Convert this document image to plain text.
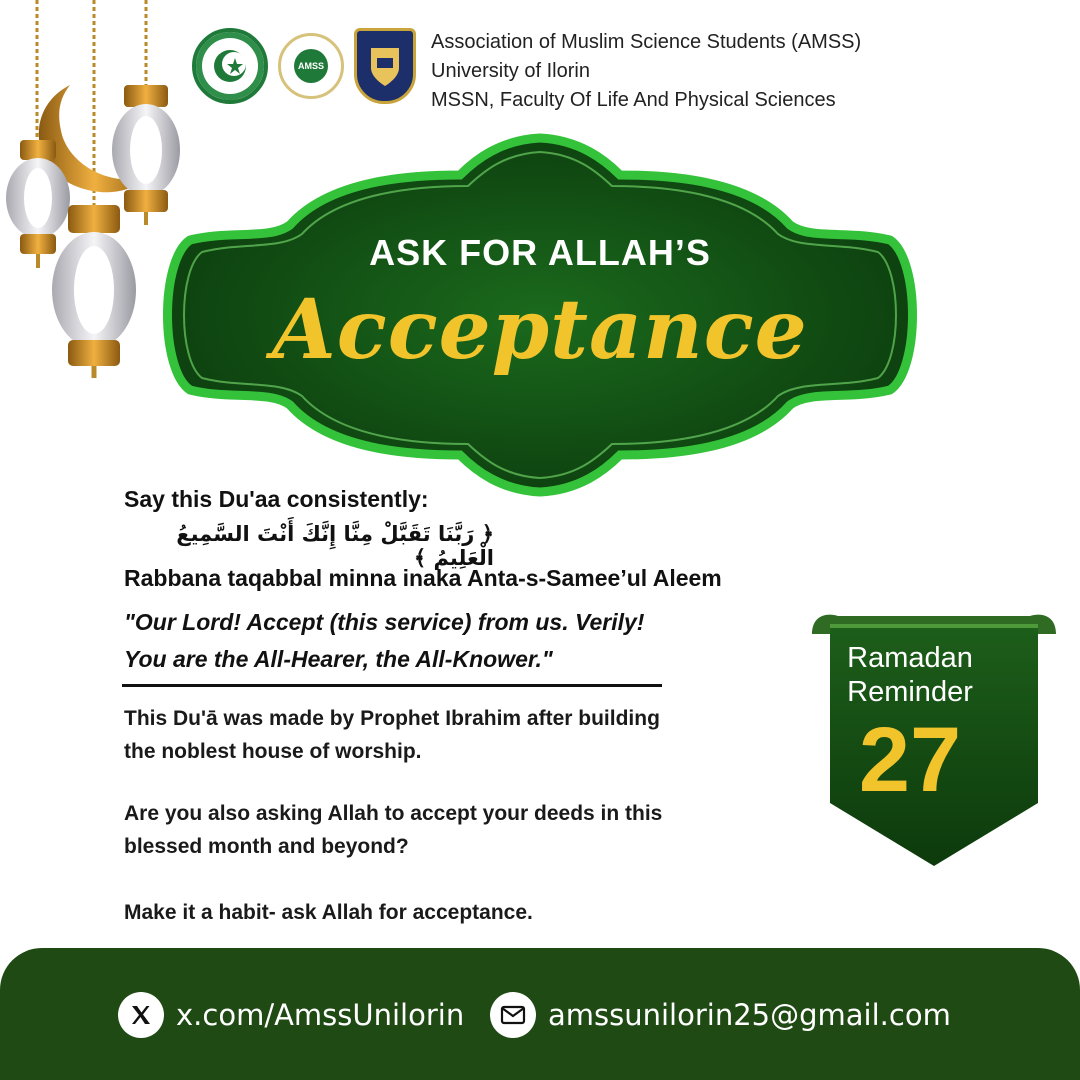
AMSS
Association of Muslim Science Students (AMSS)
University of Ilorin
MSSN, Faculty Of Life And Physical Sciences
ASK FOR ALLAH’S
Acceptance
Say this Du'aa consistently:
﴿ رَبَّنَا تَقَبَّلْ مِنَّا إِنَّكَ أَنْتَ السَّمِيعُ الْعَلِيمُ ﴾
Rabbana taqabbal minna inaka Anta-s-Samee’ul Aleem
"Our Lord! Accept (this service) from us. Verily!
You are the All-Hearer, the All-Knower."
This Du'ā was made by Prophet Ibrahim after building
the noblest house of worship.
Are you also asking Allah to accept your deeds in this
blessed month and beyond?
Make it a habit- ask Allah for acceptance.
Ramadan
Reminder
27
x.com/AmssUnilorin	amssunilorin25@gmail.com
